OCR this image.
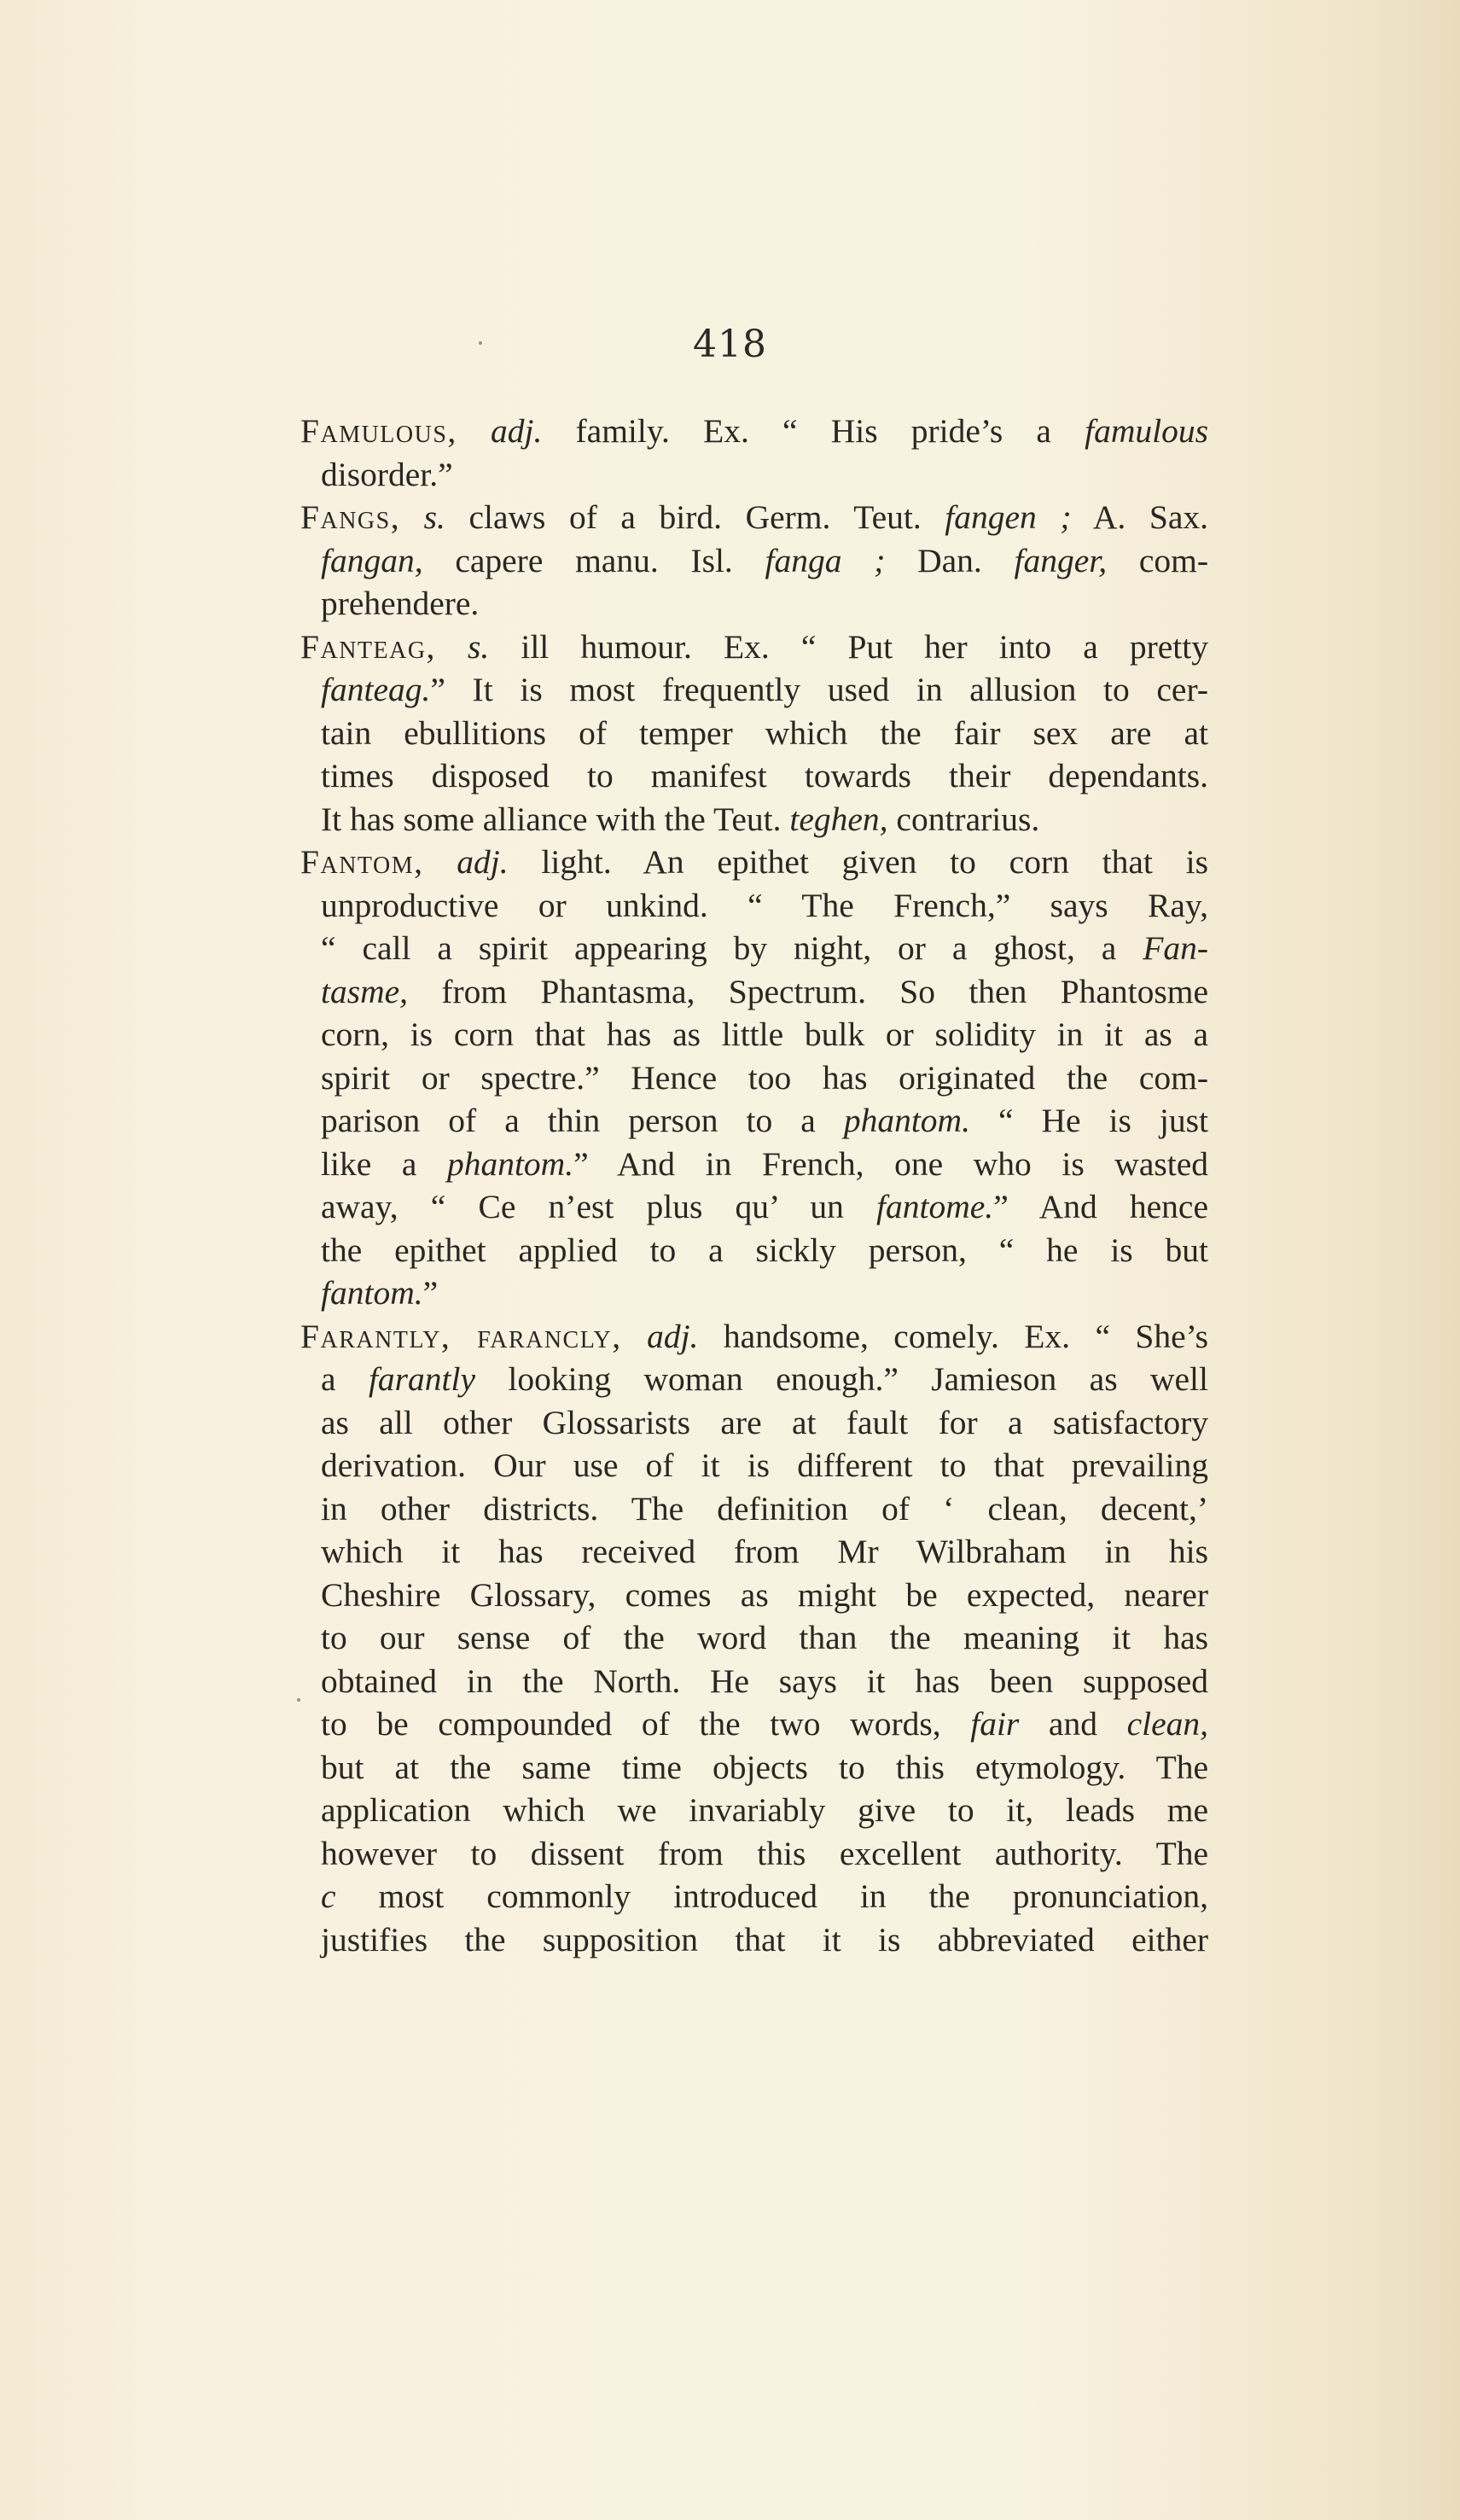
418
Famulous, adj. family. Ex. “ His pride’s a famulous
disorder.”
Fangs, s. claws of a bird. Germ. Teut. fangen ; A. Sax.
fangan, capere manu. Isl. fanga ; Dan. fanger, com-
prehendere.
Fanteag, s. ill humour. Ex. “ Put her into a pretty
fanteag.” It is most frequently used in allusion to cer-
tain ebullitions of temper which the fair sex are at
times disposed to manifest towards their dependants.
It has some alliance with the Teut. teghen, contrarius.
Fantom, adj. light. An epithet given to corn that is
unproductive or unkind. “ The French,” says Ray,
“ call a spirit appearing by night, or a ghost, a Fan-
tasme, from Phantasma, Spectrum. So then Phantosme
corn, is corn that has as little bulk or solidity in it as a
spirit or spectre.” Hence too has originated the com-
parison of a thin person to a phantom. “ He is just
like a phantom.” And in French, one who is wasted
away, “ Ce n’est plus qu’ un fantome.” And hence
the epithet applied to a sickly person, “ he is but
fantom.”
Farantly, farancly, adj. handsome, comely. Ex. “ She’s
a farantly looking woman enough.” Jamieson as well
as all other Glossarists are at fault for a satisfactory
derivation. Our use of it is different to that prevailing
in other districts. The definition of ‘ clean, decent,’
which it has received from Mr Wilbraham in his
Cheshire Glossary, comes as might be expected, nearer
to our sense of the word than the meaning it has
obtained in the North. He says it has been supposed
to be compounded of the two words, fair and clean,
but at the same time objects to this etymology. The
application which we invariably give to it, leads me
however to dissent from this excellent authority. The
c most commonly introduced in the pronunciation,
justifies the supposition that it is abbreviated either
